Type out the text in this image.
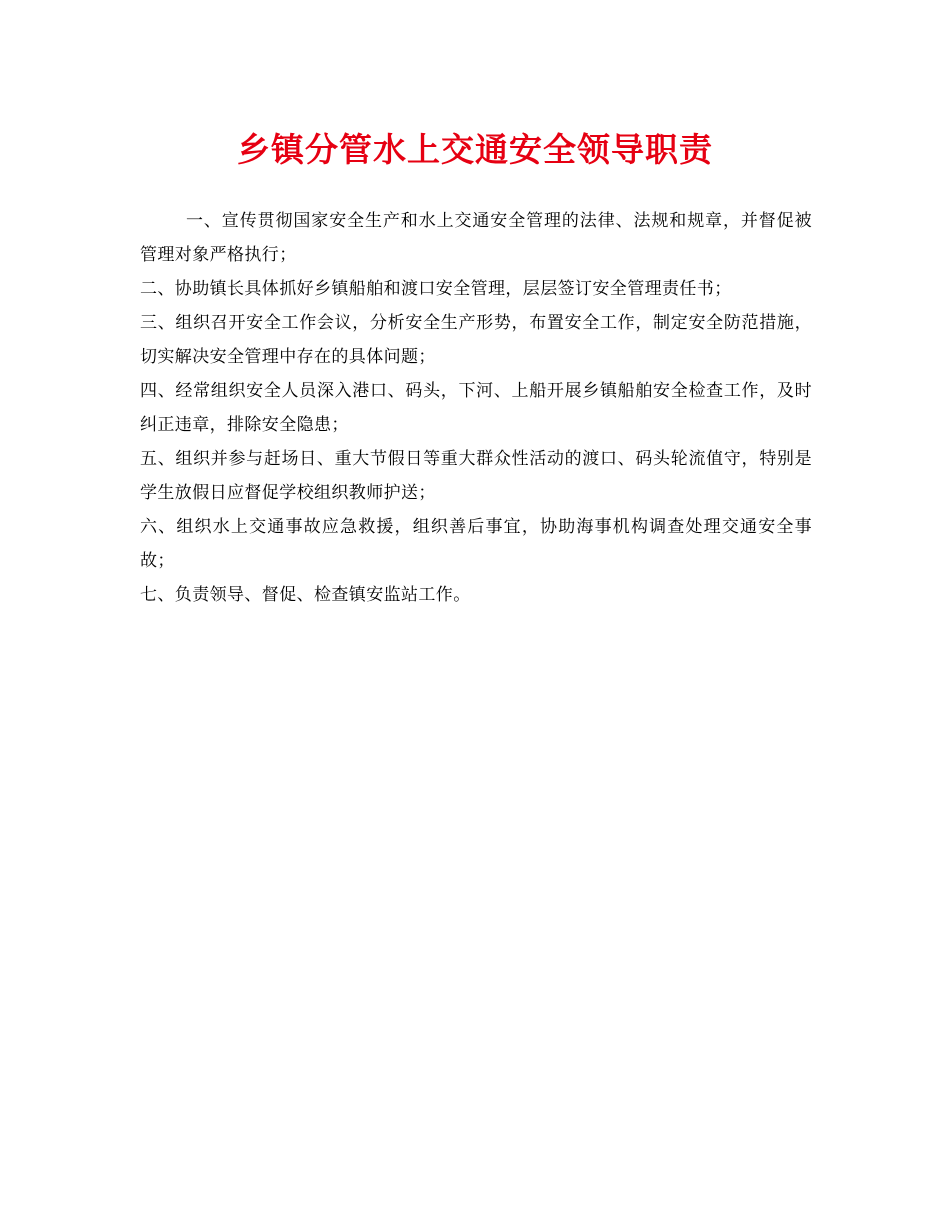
乡镇分管水上交通安全领导职责

一、宣传贯彻国家安全生产和水上交通安全管理的法律、法规和规章，并督促被管理对象严格执行；

二、协助镇长具体抓好乡镇船舶和渡口安全管理，层层签订安全管理责任书；

三、组织召开安全工作会议，分析安全生产形势，布置安全工作，制定安全防范措施，切实解决安全管理中存在的具体问题；

四、经常组织安全人员深入港口、码头，下河、上船开展乡镇船舶安全检查工作，及时纠正违章，排除安全隐患；

五、组织并参与赶场日、重大节假日等重大群众性活动的渡口、码头轮流值守，特别是学生放假日应督促学校组织教师护送；

六、组织水上交通事故应急救援，组织善后事宜，协助海事机构调查处理交通安全事故；

七、负责领导、督促、检查镇安监站工作。
